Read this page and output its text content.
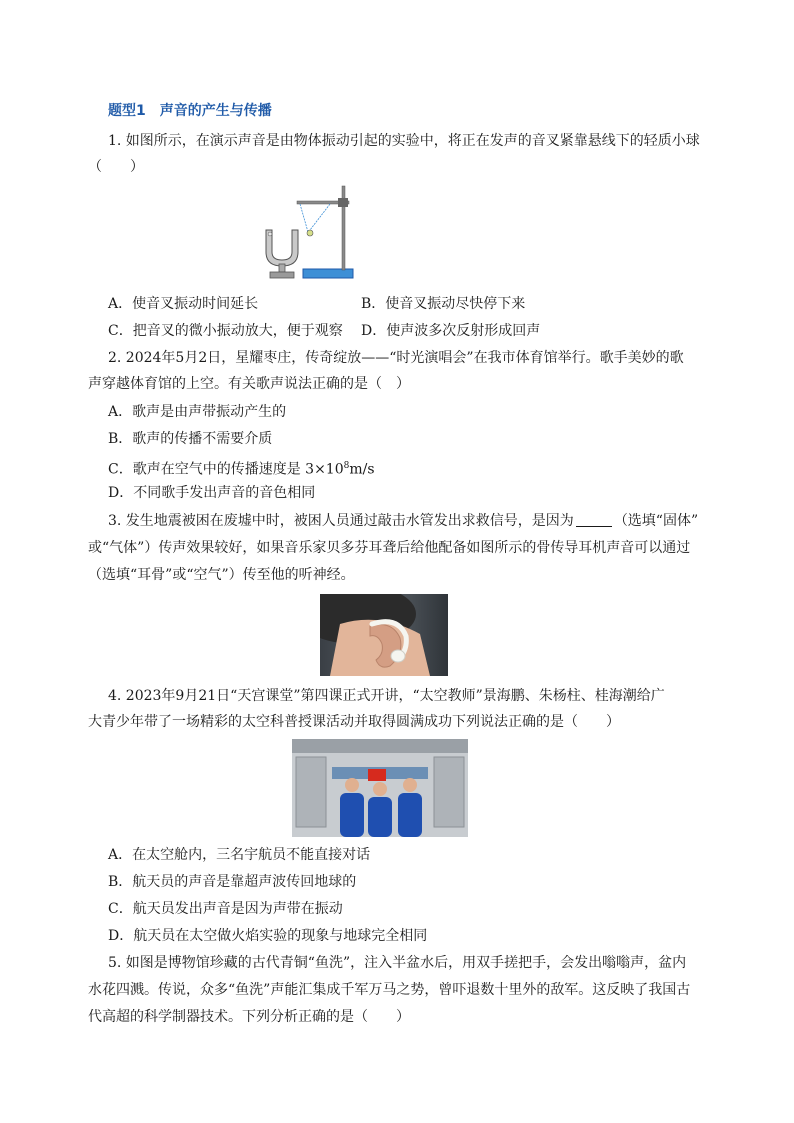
题型1 声音的产生与传播
1. 如图所示，在演示声音是由物体振动引起的实验中，将正在发声的音叉紧靠悬线下的轻质小球
（　　）
A．使音叉振动时间延长	B．使音叉振动尽快停下来
C．把音叉的微小振动放大，便于观察 D．使声波多次反射形成回声
2. 2024年5月2日，星耀枣庄，传奇绽放——“时光演唱会”在我市体育馆举行。歌手美妙的歌
声穿越体育馆的上空。有关歌声说法正确的是（　）
A．歌声是由声带振动产生的
B．歌声的传播不需要介质
C．歌声在空气中的传播速度是 $3\times 10^8m/s$
D．不同歌手发出声音的音色相同
3. 发生地震被困在废墟中时，被困人员通过敲击水管发出求救信号，是因为	（选填“固体”
或“气体”）传声效果较好，如果音乐家贝多芬耳聋后给他配备如图所示的骨传导耳机声音可以通过
（选填“耳骨”或“空气”）传至他的听神经。
4. 2023年9月21日“天宫课堂”第四课正式开讲，“太空教师”景海鹏、朱杨柱、桂海潮给广
大青少年带了一场精彩的太空科普授课活动并取得圆满成功下列说法正确的是（　　）
A．在太空舱内，三名宇航员不能直接对话
B．航天员的声音是靠超声波传回地球的
C．航天员发出声音是因为声带在振动
D．航天员在太空做火焰实验的现象与地球完全相同
5. 如图是博物馆珍藏的古代青铜“鱼洗”，注入半盆水后，用双手搓把手，会发出嗡嗡声，盆内
水花四溅。传说，众多“鱼洗”声能汇集成千军万马之势，曾吓退数十里外的敌军。这反映了我国古
代高超的科学制器技术。下列分析正确的是（　　）
